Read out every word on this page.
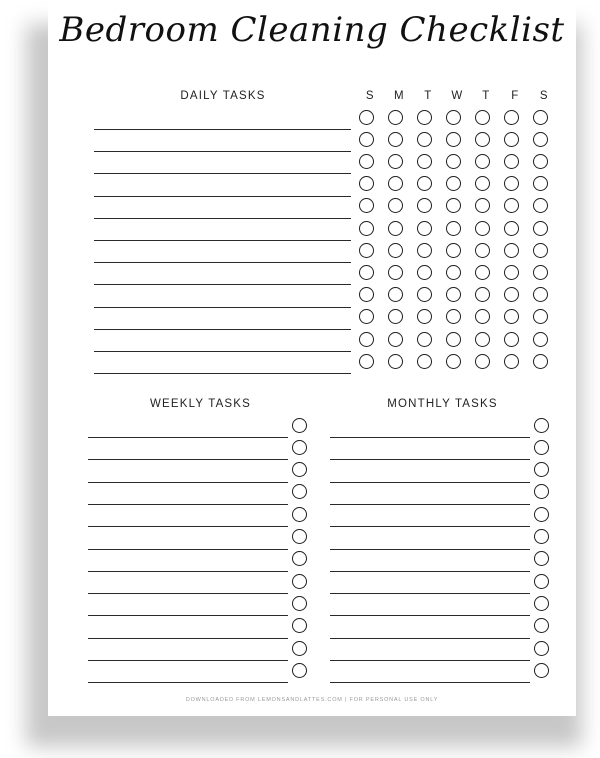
Bedroom Cleaning Checklist
DAILY TASKS	S	M	T	W	T	F	S
WEEKLY TASKS	MONTHLY TASKS
DOWNLOADED FROM LEMONSANDLATTES.COM | FOR PERSONAL USE ONLY
